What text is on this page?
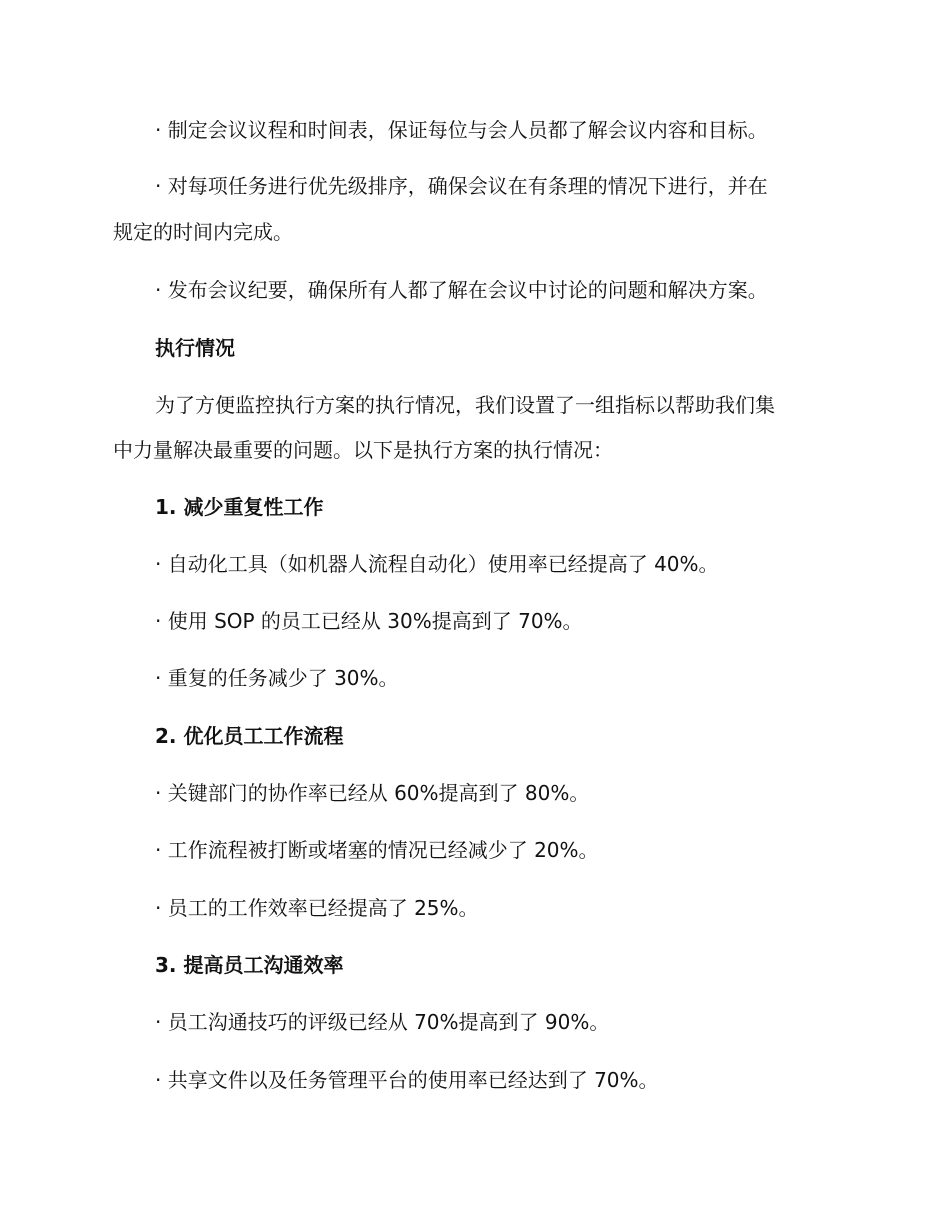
· 制定会议议程和时间表，保证每位与会人员都了解会议内容和目标。
· 对每项任务进行优先级排序，确保会议在有条理的情况下进行，并在
规定的时间内完成。
· 发布会议纪要，确保所有人都了解在会议中讨论的问题和解决方案。
执行情况
为了方便监控执行方案的执行情况，我们设置了一组指标以帮助我们集
中力量解决最重要的问题。以下是执行方案的执行情况：
1. 减少重复性工作
· 自动化工具（如机器人流程自动化）使用率已经提高了 40%。
· 使用 SOP 的员工已经从 30%提高到了 70%。
· 重复的任务减少了 30%。
2. 优化员工工作流程
· 关键部门的协作率已经从 60%提高到了 80%。
· 工作流程被打断或堵塞的情况已经减少了 20%。
· 员工的工作效率已经提高了 25%。
3. 提高员工沟通效率
· 员工沟通技巧的评级已经从 70%提高到了 90%。
· 共享文件以及任务管理平台的使用率已经达到了 70%。
